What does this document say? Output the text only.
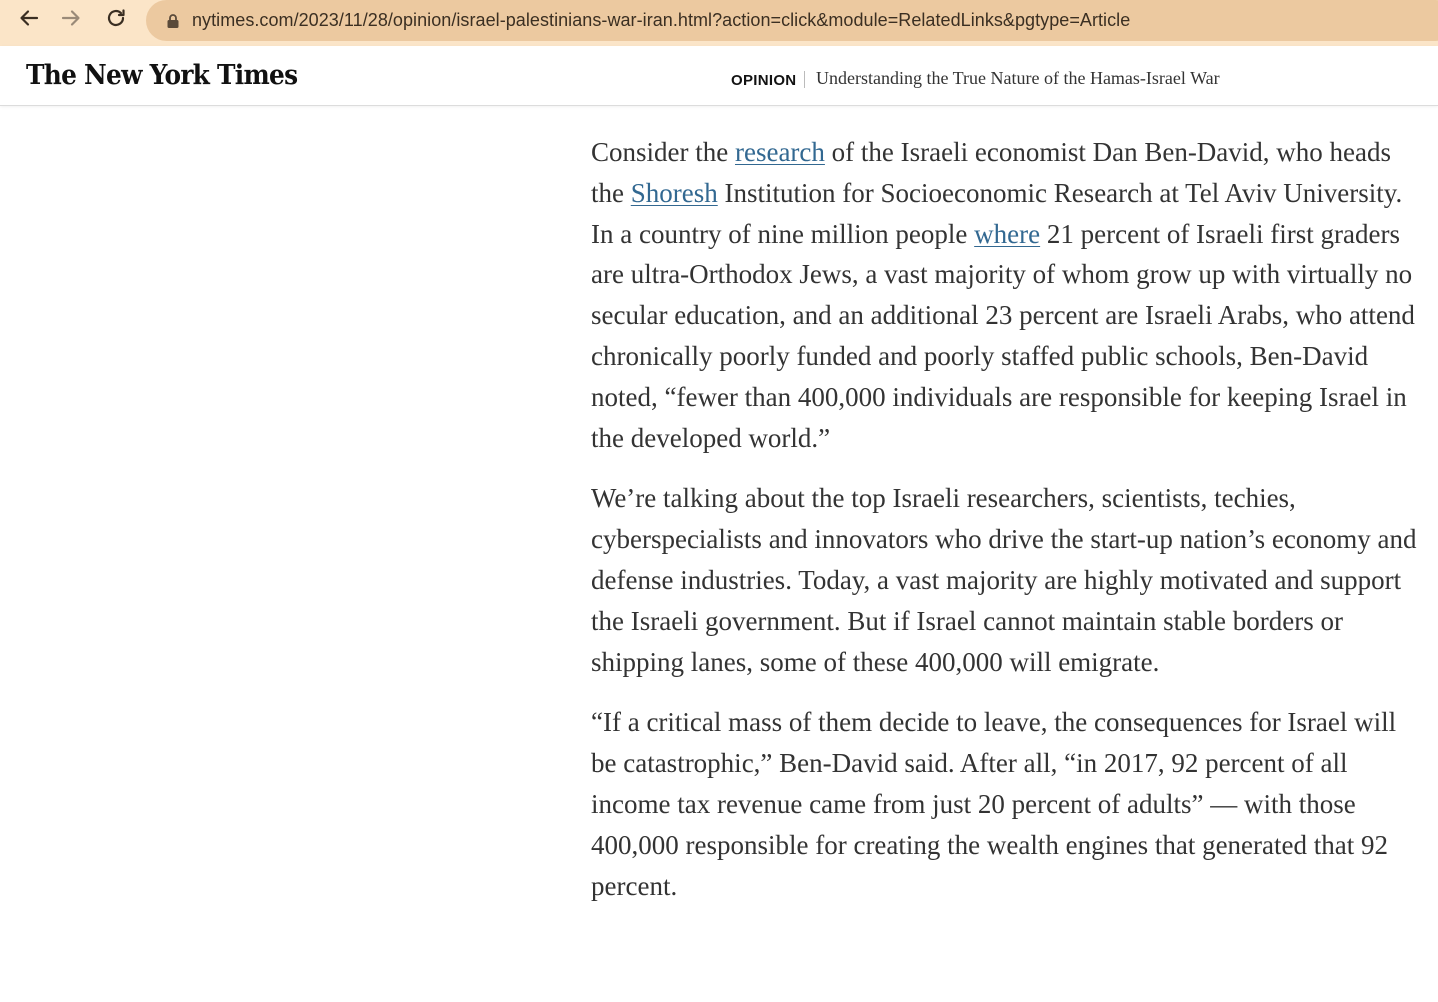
nytimes.com/2023/11/28/opinion/israel-palestinians-war-iran.html?action=click&module=RelatedLinks&pgtype=Article
The New York Times	OPINION Understanding the True Nature of the Hamas-Israel War

Consider the research of the Israeli economist Dan Ben-David, who heads the Shoresh Institution for Socioeconomic Research at Tel Aviv University. In a country of nine million people where 21 percent of Israeli first graders are ultra-Orthodox Jews, a vast majority of whom grow up with virtually no secular education, and an additional 23 percent are Israeli Arabs, who attend chronically poorly funded and poorly staffed public schools, Ben-David noted, “fewer than 400,000 individuals are responsible for keeping Israel in the developed world.”

We’re talking about the top Israeli researchers, scientists, techies, cyberspecialists and innovators who drive the start-up nation’s economy and defense industries. Today, a vast majority are highly motivated and support the Israeli government. But if Israel cannot maintain stable borders or shipping lanes, some of these 400,000 will emigrate.

“If a critical mass of them decide to leave, the consequences for Israel will be catastrophic,” Ben-David said. After all, “in 2017, 92 percent of all income tax revenue came from just 20 percent of adults” — with those 400,000 responsible for creating the wealth engines that generated that 92 percent.
